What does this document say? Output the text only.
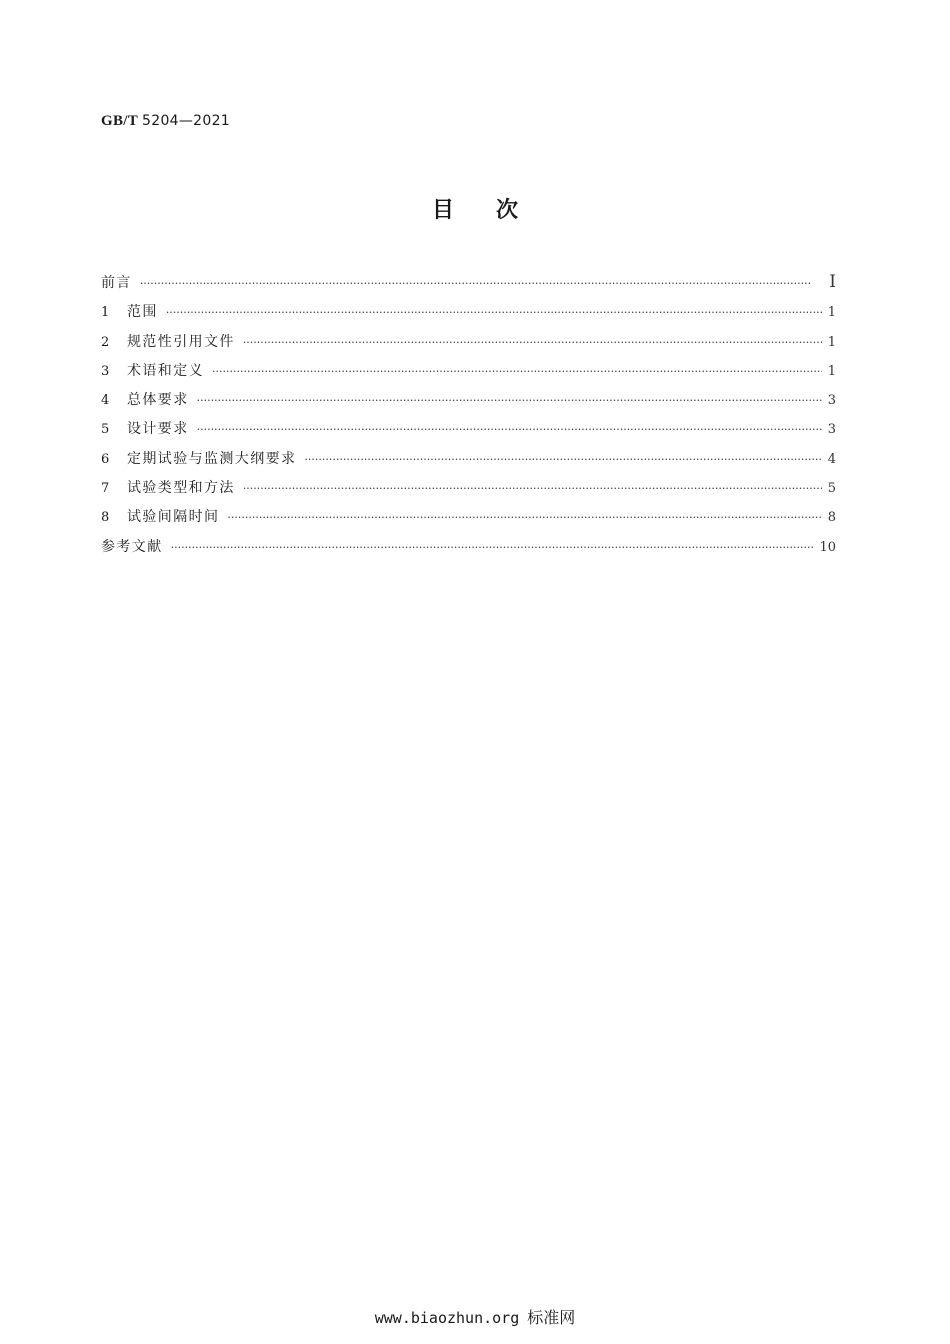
GB/T 5204—2021
目次
前言 ·····	I
1	范围 ·····	1
2	规范性引用文件 ·····	1
3	术语和定义 ·····	1
4	总体要求 ·····	3
5	设计要求 ·····	3
6	定期试验与监测大纲要求 ·····	4
7	试验类型和方法 ·····	5
8	试验间隔时间 ·····	8
参考文献 ·····	10
www.biaozhun.org 标准网
